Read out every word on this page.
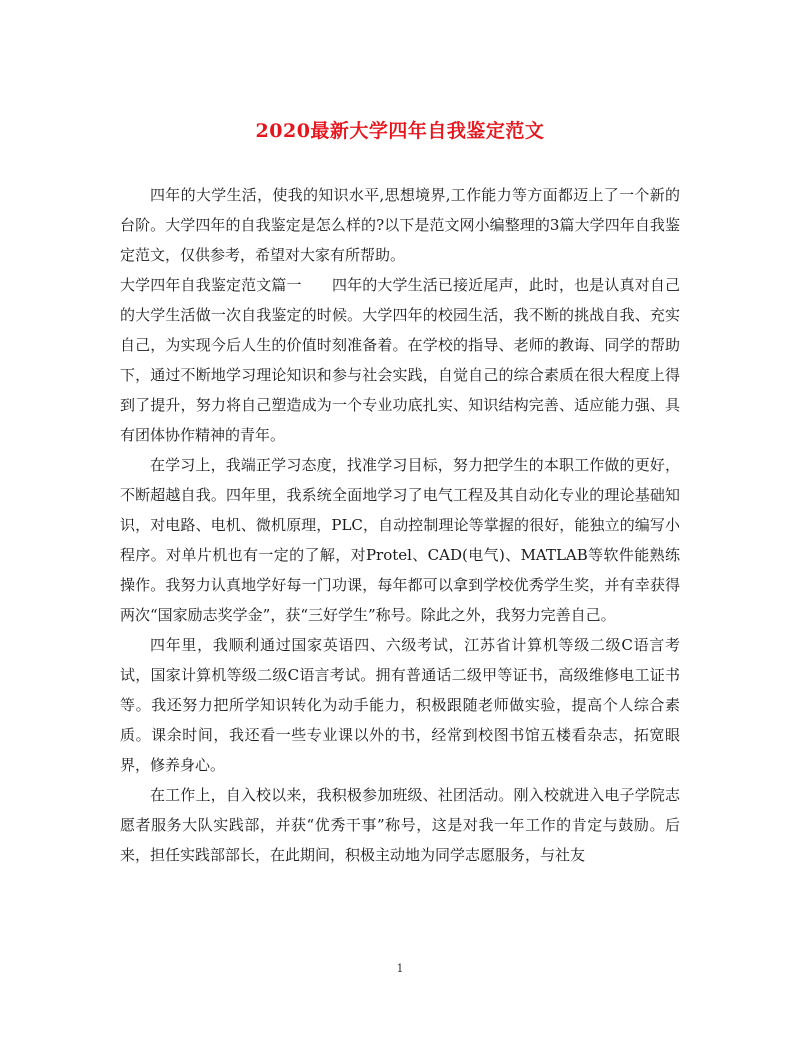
2020最新大学四年自我鉴定范文

四年的大学生活，使我的知识水平,思想境界,工作能力等方面都迈上了一个新的台阶。大学四年的自我鉴定是怎么样的?以下是范文网小编整理的3篇大学四年自我鉴定范文，仅供参考，希望对大家有所帮助。

大学四年自我鉴定范文篇一　　四年的大学生活已接近尾声，此时，也是认真对自己的大学生活做一次自我鉴定的时候。大学四年的校园生活，我不断的挑战自我、充实自己，为实现今后人生的价值时刻准备着。在学校的指导、老师的教诲、同学的帮助下，通过不断地学习理论知识和参与社会实践，自觉自己的综合素质在很大程度上得到了提升，努力将自己塑造成为一个专业功底扎实、知识结构完善、适应能力强、具有团体协作精神的青年。

在学习上，我端正学习态度，找准学习目标，努力把学生的本职工作做的更好，不断超越自我。四年里，我系统全面地学习了电气工程及其自动化专业的理论基础知识，对电路、电机、微机原理，PLC，自动控制理论等掌握的很好，能独立的编写小程序。对单片机也有一定的了解，对Protel、CAD(电气)、MATLAB等软件能熟练操作。我努力认真地学好每一门功课，每年都可以拿到学校优秀学生奖，并有幸获得两次“国家励志奖学金”，获“三好学生”称号。除此之外，我努力完善自己。

四年里，我顺利通过国家英语四、六级考试，江苏省计算机等级二级C语言考试，国家计算机等级二级C语言考试。拥有普通话二级甲等证书，高级维修电工证书等。我还努力把所学知识转化为动手能力，积极跟随老师做实验，提高个人综合素质。课余时间，我还看一些专业课以外的书，经常到校图书馆五楼看杂志，拓宽眼界，修养身心。

在工作上，自入校以来，我积极参加班级、社团活动。刚入校就进入电子学院志愿者服务大队实践部，并获“优秀干事”称号，这是对我一年工作的肯定与鼓励。后来，担任实践部部长，在此期间，积极主动地为同学志愿服务，与社友

1
